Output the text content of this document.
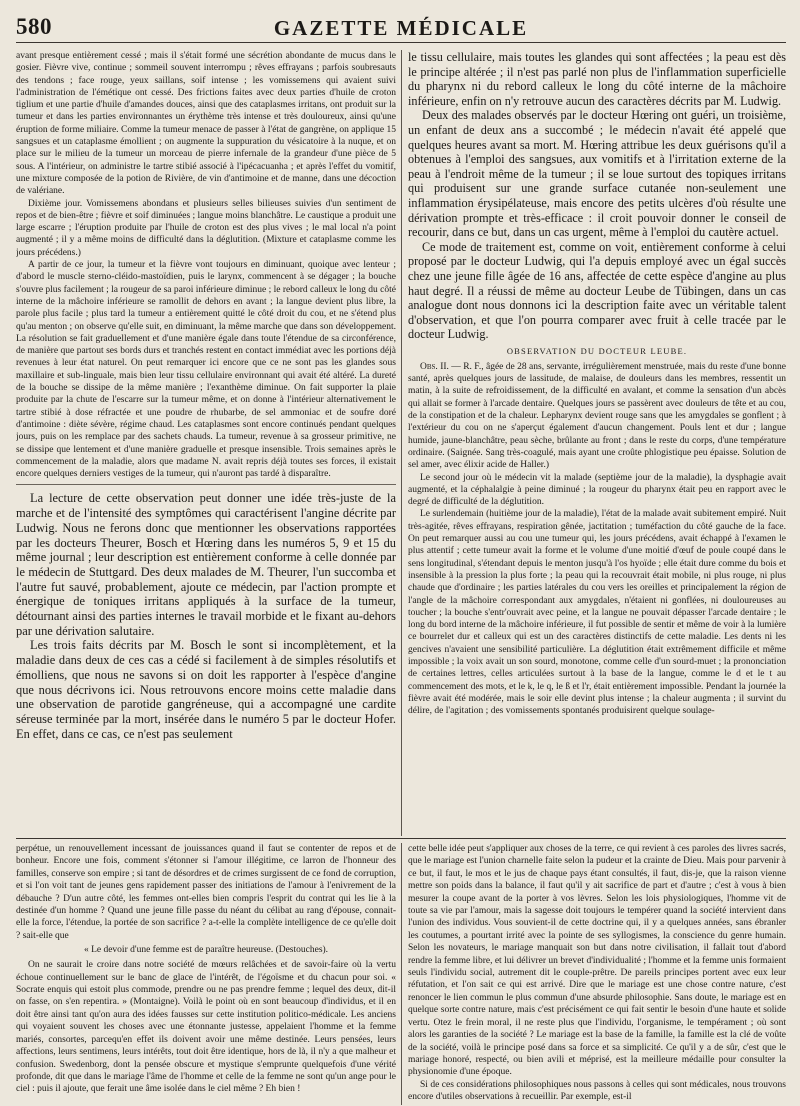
580	GAZETTE MÉDICALE

avant presque entièrement cessé ; mais il s'était formé une sécrétion abondante de mucus dans le gosier. Fièvre vive, continue ; sommeil souvent interrompu ; rêves effrayans ; parfois soubresauts des tendons ; face rouge, yeux saillans, soif intense ; les vomissemens qui avaient suivi l'administration de l'émétique ont cessé. Des frictions faites avec deux parties d'huile de croton tiglium et une partie d'huile d'amandes douces, ainsi que des cataplasmes irritans, ont produit sur la tumeur et dans les parties environnantes un érythème très intense et très douloureux, ainsi qu'une éruption de forme miliaire. Comme la tumeur menace de passer à l'état de gangrène, on applique 15 sangsues et un cataplasme émollient ; on augmente la suppuration du vésicatoire à la nuque, et on place sur le milieu de la tumeur un morceau de pierre infernale de la grandeur d'une pièce de 5 sous. A l'intérieur, on administre le tartre stibié associé à l'ipécacuanha ; et après l'effet du vomitif, une mixture composée de la potion de Rivière, de vin d'antimoine et de manne, dans une décoction de valériane.

Dixième jour. Vomissemens abondans et plusieurs selles bilieuses suivies d'un sentiment de repos et de bien-être ; fièvre et soif diminuées ; langue moins blanchâtre. Le caustique a produit une large escarre ; l'éruption produite par l'huile de croton est des plus vives ; le mal local n'a point augmenté ; il y a même moins de difficulté dans la déglutition. (Mixture et cataplasme comme les jours précédens.)

A partir de ce jour, la tumeur et la fièvre vont toujours en diminuant, quoique avec lenteur ; d'abord le muscle sterno-cléido-mastoïdien, puis le larynx, commencent à se dégager ; la bouche s'ouvre plus facilement ; la rougeur de sa paroi inférieure diminue ; le rebord calleux le long du côté interne de la mâchoire inférieure se ramollit de dehors en avant ; la langue devient plus libre, la parole plus facile ; plus tard la tumeur a entièrement quitté le côté droit du cou, et ne s'étend plus qu'au menton ; on observe qu'elle suit, en diminuant, la même marche que dans son développement. La résolution se fait graduellement et d'une manière égale dans toute l'étendue de sa circonférence, de manière que partout ses bords durs et tranchés restent en contact immédiat avec les portions déjà revenues à leur état naturel. On peut remarquer ici encore que ce ne sont pas les glandes sous maxillaire et sub-linguale, mais bien leur tissu cellulaire environnant qui avait été altéré. La dureté de la bouche se dissipe de la même manière ; l'exanthème diminue. On fait supporter la plaie produite par la chute de l'escarre sur la tumeur même, et on donne à l'intérieur alternativement le tartre stibié à dose réfractée et une poudre de rhubarbe, de sel ammoniac et de soufre doré d'antimoine : diète sévère, régime chaud. Les cataplasmes sont encore continués pendant quelques jours, puis on les remplace par des sachets chauds. La tumeur, revenue à sa grosseur primitive, ne se dissipe que lentement et d'une manière graduelle et presque insensible. Trois semaines après le commencement de la maladie, alors que madame N. avait repris déjà toutes ses forces, il existait encore quelques derniers vestiges de la tumeur, qui n'auront pas tardé à disparaître.

La lecture de cette observation peut donner une idée très-juste de la marche et de l'intensité des symptômes qui caractérisent l'angine décrite par Ludwig. Nous ne ferons donc que mentionner les observations rapportées par les docteurs Theurer, Bosch et Hœring dans les numéros 5, 9 et 15 du même journal ; leur description est entièrement conforme à celle donnée par le médecin de Stuttgard. Des deux malades de M. Theurer, l'un succomba et l'autre fut sauvé, probablement, ajoute ce médecin, par l'action prompte et énergique de toniques irritans appliqués à la surface de la tumeur, détournant ainsi des parties internes le travail morbide et le fixant au-dehors par une dérivation salutaire.

Les trois faits décrits par M. Bosch le sont si incomplètement, et la maladie dans deux de ces cas a cédé si facilement à de simples résolutifs et émolliens, que nous ne savons si on doit les rapporter à l'espèce d'angine que nous décrivons ici. Nous retrouvons encore moins cette maladie dans une observation de parotide gangréneuse, qui a accompagné une cardite séreuse terminée par la mort, insérée dans le numéro 5 par le docteur Hofer. En effet, dans ce cas, ce n'est pas seulement

le tissu cellulaire, mais toutes les glandes qui sont affectées ; la peau est dès le principe altérée ; il n'est pas parlé non plus de l'inflammation superficielle du pharynx ni du rebord calleux le long du côté interne de la mâchoire inférieure, enfin on n'y retrouve aucun des caractères décrits par M. Ludwig.

Deux des malades observés par le docteur Hœring ont guéri, un troisième, un enfant de deux ans a succombé ; le médecin n'avait été appelé que quelques heures avant sa mort. M. Hœring attribue les deux guérisons qu'il a obtenues à l'emploi des sangsues, aux vomitifs et à l'irritation externe de la peau à l'endroit même de la tumeur ; il se loue surtout des topiques irritans qui produisent sur une grande surface cutanée non-seulement une inflammation érysipélateuse, mais encore des petits ulcères d'où résulte une dérivation prompte et très-efficace : il croit pouvoir donner le conseil de recourir, dans ce but, dans un cas urgent, même à l'emploi du cautère actuel.

Ce mode de traitement est, comme on voit, entièrement conforme à celui proposé par le docteur Ludwig, qui l'a depuis employé avec un égal succès chez une jeune fille âgée de 16 ans, affectée de cette espèce d'angine au plus haut degré. Il a réussi de même au docteur Leube de Tübingen, dans un cas analogue dont nous donnons ici la description faite avec un véritable talent d'observation, et que l'on pourra comparer avec fruit à celle tracée par le docteur Ludwig.

OBSERVATION DU DOCTEUR LEUBE.

Obs. II. — R. F., âgée de 28 ans, servante, irrégulièrement menstruée, mais du reste d'une bonne santé, après quelques jours de lassitude, de malaise, de douleurs dans les membres, ressentit un matin, à la suite de refroidissement, de la difficulté en avalant, et comme la sensation d'un abcès qui allait se former à l'arcade dentaire. Quelques jours se passèrent avec douleurs de tête et au cou, de la constipation et de la chaleur. Lepharynx devient rouge sans que les amygdales se gonflent ; à l'extérieur du cou on ne s'aperçut également d'aucun changement. Pouls lent et dur ; langue humide, jaune-blanchâtre, peau sèche, brûlante au front ; dans le reste du corps, d'une température ordinaire. (Saignée. Sang très-coagulé, mais ayant une croûte phlogistique peu épaisse. Solution de sel amer, avec élixir acide de Haller.)

Le second jour où le médecin vit la malade (septième jour de la maladie), la dysphagie avait augmenté, et la céphalalgie à peine diminué ; la rougeur du pharynx était peu en rapport avec le degré de difficulté de la déglutition.

Le surlendemain (huitième jour de la maladie), l'état de la malade avait subitement empiré. Nuit très-agitée, rêves effrayans, respiration gênée, jactitation ; tuméfaction du côté gauche de la face. On peut remarquer aussi au cou une tumeur qui, les jours précédens, avait échappé à l'examen le plus attentif ; cette tumeur avait la forme et le volume d'une moitié d'œuf de poule coupé dans le sens longitudinal, s'étendant depuis le menton jusqu'à l'os hyoïde ; elle était dure comme du bois et insensible à la pression la plus forte ; la peau qui la recouvrait était mobile, ni plus rouge, ni plus chaude que d'ordinaire ; les parties latérales du cou vers les oreilles et principalement la région de l'angle de la mâchoire correspondant aux amygdales, n'étaient ni gonflées, ni douloureuses au toucher ; la bouche s'entr'ouvrait avec peine, et la langue ne pouvait dépasser l'arcade dentaire ; le long du bord interne de la mâchoire inférieure, il fut possible de sentir et même de voir à la lumière ce bourrelet dur et calleux qui est un des caractères distinctifs de cette maladie. Les dents ni les gencives n'avaient une sensibilité particulière. La déglutition était extrêmement difficile et même impossible ; la voix avait un son sourd, monotone, comme celle d'un sourd-muet ; la prononciation de certaines lettres, celles articulées surtout à la base de la langue, comme le d et le t au commencement des mots, et le k, le q, le ß et l'r, était entièrement impossible. Pendant la journée la fièvre avait été modérée, mais le soir elle devint plus intense ; la chaleur augmenta ; il survint du délire, de l'agitation ; des vomissements spontanés produisirent quelque soulage-

perpétue, un renouvellement incessant de jouissances quand il faut se contenter de repos et de bonheur. Encore une fois, comment s'étonner si l'amour illégitime, ce larron de l'honneur des familles, conserve son empire ; si tant de désordres et de crimes surgissent de ce fond de corruption, et si l'on voit tant de jeunes gens rapidement passer des initiations de l'amour à l'enivrement de la débauche ? D'un autre côté, les femmes ont-elles bien compris l'esprit du contrat qui les lie à la destinée d'un homme ? Quand une jeune fille passe du néant du célibat au rang d'épouse, connait-elle la force, l'étendue, la portée de son sacrifice ? a-t-elle la complète intelligence de ce qu'elle doit ? sait-elle que

« Le devoir d'une femme est de paraître heureuse. (Destouches).

On ne saurait le croire dans notre société de mœurs relâchées et de savoir-faire où la vertu échoue continuellement sur le banc de glace de l'intérêt, de l'égoïsme et du chacun pour soi. « Socrate enquis qui estoit plus commode, prendre ou ne pas prendre femme ; lequel des deux, dit-il on fasse, on s'en repentira. » (Montaigne). Voilà le point où en sont beaucoup d'individus, et il en doit être ainsi tant qu'on aura des idées fausses sur cette institution politico-médicale. Les anciens qui voyaient souvent les choses avec une étonnante justesse, appelaient l'homme et la femme mariés, consortes, parcequ'en effet ils doivent avoir une même destinée. Leurs pensées, leurs affections, leurs sentimens, leurs intérêts, tout doit être identique, hors de là, il n'y a que malheur et confusion. Swedenborg, dont la pensée obscure et mystique s'emprunte quelquefois d'une vérité profonde, dit que dans le mariage l'âme de l'homme et celle de la femme ne sont qu'un ange pour le ciel : puis il ajoute, que ferait une âme isolée dans le ciel même ? Eh bien !

cette belle idée peut s'appliquer aux choses de la terre, ce qui revient à ces paroles des livres sacrés, que le mariage est l'union charnelle faite selon la pudeur et la crainte de Dieu. Mais pour parvenir à ce but, il faut, le mos et le jus de chaque pays étant consultés, il faut, dis-je, que la raison vienne mettre son poids dans la balance, il faut qu'il y ait sacrifice de part et d'autre ; c'est à vous à bien mesurer la coupe avant de la porter à vos lèvres. Selon les lois physiologiques, l'homme vit de toute sa vie par l'amour, mais la sagesse doit toujours le tempérer quand la société intervient dans l'union des individus. Vous souvient-il de cette doctrine qui, il y a quelques années, sans ébranler les coutumes, a pourtant irrité avec la pointe de ses syllogismes, la conscience du genre humain. Selon les novateurs, le mariage manquait son but dans notre civilisation, il fallait tout d'abord rendre la femme libre, et lui délivrer un brevet d'individualité ; l'homme et la femme unis formaient seuls l'individu social, autrement dit le couple-prêtre. De pareils principes portent avec eux leur réfutation, et l'on sait ce qui est arrivé. Dire que le mariage est une chose contre nature, c'est renoncer le lien commun le plus commun d'une absurde philosophie. Sans doute, le mariage est en quelque sorte contre nature, mais c'est précisément ce qui fait sentir le besoin d'une haute et solide vertu. Otez le frein moral, il ne reste plus que l'individu, l'organisme, le tempérament ; où sont alors les garanties de la société ? Le mariage est la base de la famille, la famille est la clé de voûte de la société, voilà le principe posé dans sa force et sa simplicité. Ce qu'il y a de sûr, c'est que le mariage honoré, respecté, ou bien avili et méprisé, est la meilleure médaille pour consulter la physionomie d'une époque.

Si de ces considérations philosophiques nous passons à celles qui sont médicales, nous trouvons encore d'utiles observations à recueillir. Par exemple, est-il
